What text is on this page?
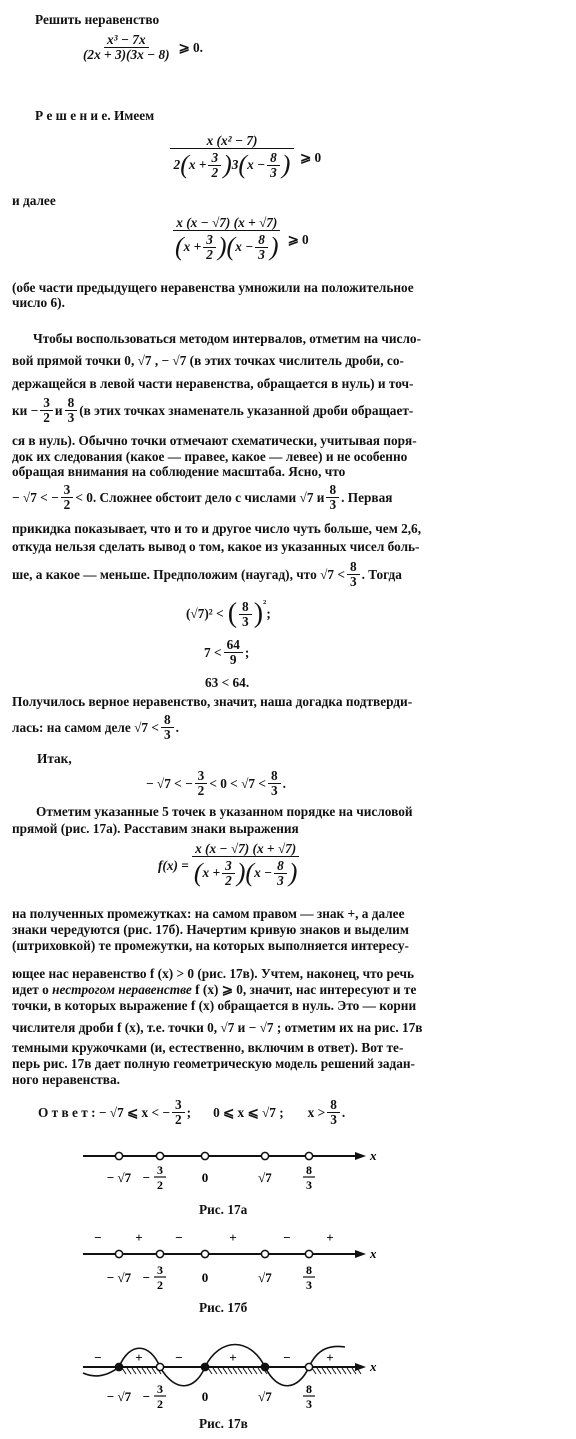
Решить неравенство
x³ − 7x
(2x + 3)(3x − 8) ⩾ 0.
Р е ш е н и е. Имеем
x (x² − 7)
2 ( $x + \frac{3}{2}$ ) 3 ( $x - \frac{8}{3}$ ) ⩾ 0
и далее
x (x − √7) (x + √7)
( $x + \frac{3}{2}$ )( $x - \frac{8}{3}$ ) ⩾ 0
(обе части предыдущего неравенства умножили на положительное
число 6).
Чтобы воспользоваться методом интервалов, отметим на число-
вой прямой точки 0, √7 , − √7 (в этих точках числитель дроби, со-
держащейся в левой части неравенства, обращается в нуль) и точ-
ки − $\frac{3}{2}$ и 8
3 (в этих точках знаменатель указанной дроби обращает-
ся в нуль). Обычно точки отмечают схематически, учитывая поря-
док их следования (какое — правее, какое — левее) и не особенно
обращая внимания на соблюдение масштаба. Ясно, что
− √7 < − $\frac{3}{2} < 0$. Сложнее обстоит дело с числами √7 и 8
3 . Первая
прикидка показывает, что и то и другое число чуть больше, чем 2,6,
откуда нельзя сделать вывод о том, какое из указанных чисел боль-
ше, а какое — меньше. Предположим (наугад), что √7 < 8
3 . Тогда
(√7)² < ( 8
3 ) ²
;
7 < 64
9 ;
63 < 64.
Получилось верное неравенство, значит, наша догадка подтверди-
лась: на самом деле √7 < 8
3 .
Итак,
− √7 < − $\frac{3}{2} < 0 < √7 < 8$
3 .
Отметим указанные 5 точек в указанном порядке на числовой
прямой (рис. 17а). Расставим знаки выражения
$f(x) = \frac{x (x - √7) (x + √7)}{( x + \frac{3}{2} )( x - \frac{8}{3} )}$
на полученных промежутках: на самом правом — знак +, а далее
знаки чередуются (рис. 17б). Начертим кривую знаков и выделим
(штриховкой) те промежутки, на которых выполняется интересу-
ющее нас неравенство f (x) > 0 (рис. 17в). Учтем, наконец, что речь
идет о
нестрогом неравенстве
f (x) ⩾ 0, значит, нас интересуют и те
точки, в которых выражение f (x) обращается в нуль. Это — корни
числителя дроби f (x), т.е. точки 0, √7 и − √7 ; отметим их на рис. 17в
темными кружочками (и, естественно, включим в ответ). Вот те-
перь рис. 17в дает полную геометрическую модель решений задан-
ного неравенства.
О т в е т :
− √7 ⩽ x < − $\frac{3}{2}$ ; 0 ⩽ x ⩽ √7 ; x > 8
3 .
x
− √7 − 3
2	0	√7	8
3
Рис. 17а
−	+	−	+	−	+
x
− √7 − 3
2	0	√7	8
3
Рис. 17б
−	+	−	+	−	+
x
− √7 − 3
2	0	√7	8
3
Рис. 17в
